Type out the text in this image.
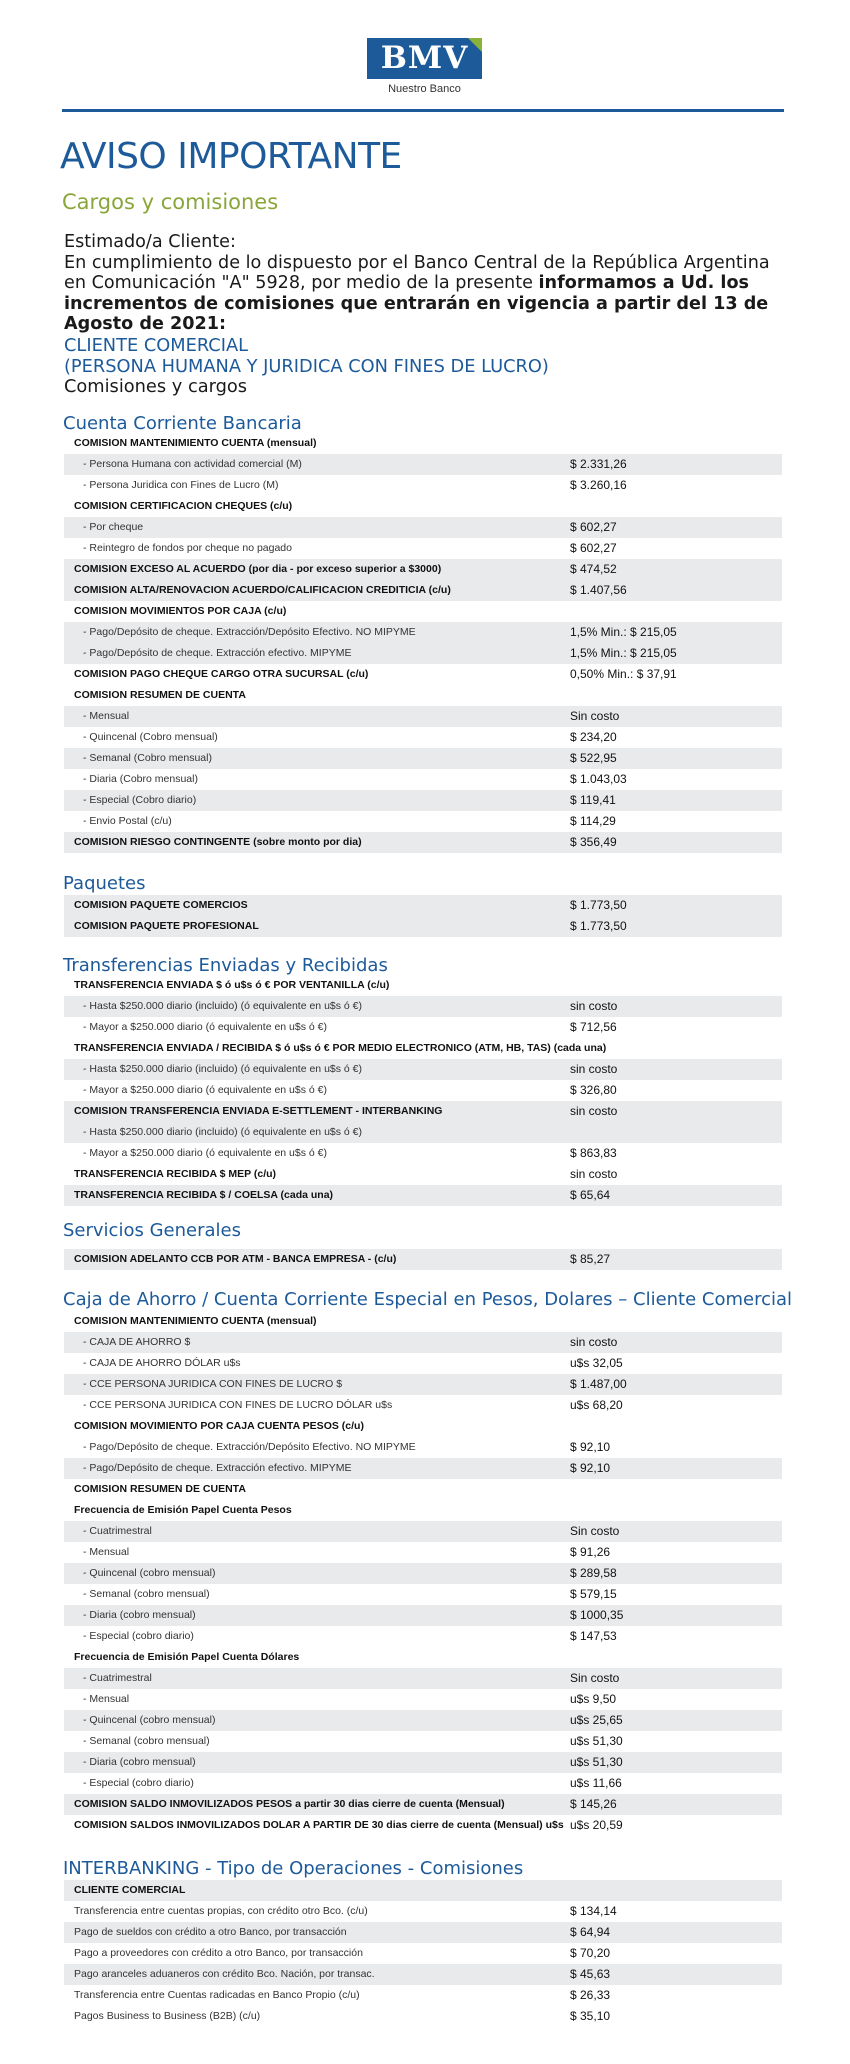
BMV
Nuestro Banco
AVISO IMPORTANTE
Cargos y comisiones
Estimado/a Cliente:
En cumplimiento de lo dispuesto por el Banco Central de la República Argentina en Comunicación "A" 5928, por medio de la presente informamos a Ud. los incrementos de comisiones que entrarán en vigencia a partir del 13 de Agosto de 2021:
CLIENTE COMERCIAL
(PERSONA HUMANA Y JURIDICA CON FINES DE LUCRO)
Comisiones y cargos
Cuenta Corriente Bancaria
COMISION MANTENIMIENTO CUENTA (mensual)
- Persona Humana con actividad comercial (M)	$ 2.331,26
- Persona Juridica con Fines de Lucro (M)	$ 3.260,16
COMISION CERTIFICACION CHEQUES (c/u)
- Por cheque	$ 602,27
- Reintegro de fondos por cheque no pagado	$ 602,27
COMISION EXCESO AL ACUERDO (por dia - por exceso superior a $3000)	$ 474,52
COMISION ALTA/RENOVACION ACUERDO/CALIFICACION CREDITICIA (c/u)	$ 1.407,56
COMISION MOVIMIENTOS POR CAJA (c/u)
- Pago/Depósito de cheque. Extracción/Depósito Efectivo. NO MIPYME	1,5% Min.: $ 215,05
- Pago/Depósito de cheque. Extracción efectivo. MIPYME	1,5% Min.: $ 215,05
COMISION PAGO CHEQUE CARGO OTRA SUCURSAL (c/u)	0,50% Min.: $ 37,91
COMISION RESUMEN DE CUENTA
- Mensual	Sin costo
- Quincenal (Cobro mensual)	$ 234,20
- Semanal (Cobro mensual)	$ 522,95
- Diaria (Cobro mensual)	$ 1.043,03
- Especial (Cobro diario)	$ 119,41
- Envio Postal (c/u)	$ 114,29
COMISION RIESGO CONTINGENTE (sobre monto por dia)	$ 356,49
Paquetes
COMISION PAQUETE COMERCIOS	$ 1.773,50
COMISION PAQUETE PROFESIONAL	$ 1.773,50
Transferencias Enviadas y Recibidas
TRANSFERENCIA ENVIADA $ ó u$s ó € POR VENTANILLA (c/u)
- Hasta $250.000 diario (incluido) (ó equivalente en u$s ó €)	sin costo
- Mayor a $250.000 diario (ó equivalente en u$s ó €)	$ 712,56
TRANSFERENCIA ENVIADA / RECIBIDA $ ó u$s ó € POR MEDIO ELECTRONICO (ATM, HB, TAS) (cada una)
- Hasta $250.000 diario (incluido) (ó equivalente en u$s ó €)	sin costo
- Mayor a $250.000 diario (ó equivalente en u$s ó €)	$ 326,80
COMISION TRANSFERENCIA ENVIADA E-SETTLEMENT - INTERBANKING	sin costo
- Hasta $250.000 diario (incluido) (ó equivalente en u$s ó €)
- Mayor a $250.000 diario (ó equivalente en u$s ó €)	$ 863,83
TRANSFERENCIA RECIBIDA $ MEP (c/u)	sin costo
TRANSFERENCIA RECIBIDA $ / COELSA (cada una)	$ 65,64
Servicios Generales
COMISION ADELANTO CCB POR ATM - BANCA EMPRESA - (c/u)	$ 85,27
Caja de Ahorro / Cuenta Corriente Especial en Pesos, Dolares – Cliente Comercial
COMISION MANTENIMIENTO CUENTA (mensual)
- CAJA DE AHORRO $	sin costo
- CAJA DE AHORRO DÓLAR u$s	u$s 32,05
- CCE PERSONA JURIDICA CON FINES DE LUCRO $	$ 1.487,00
- CCE PERSONA JURIDICA CON FINES DE LUCRO DÓLAR u$s	u$s 68,20
COMISION MOVIMIENTO POR CAJA CUENTA PESOS (c/u)
- Pago/Depósito de cheque. Extracción/Depósito Efectivo. NO MIPYME	$ 92,10
- Pago/Depósito de cheque. Extracción efectivo. MIPYME	$ 92,10
COMISION RESUMEN DE CUENTA
Frecuencia de Emisión Papel Cuenta Pesos
- Cuatrimestral	Sin costo
- Mensual	$ 91,26
- Quincenal (cobro mensual)	$ 289,58
- Semanal (cobro mensual)	$ 579,15
- Diaria (cobro mensual)	$ 1000,35
- Especial (cobro diario)	$ 147,53
Frecuencia de Emisión Papel Cuenta Dólares
- Cuatrimestral	Sin costo
- Mensual	u$s 9,50
- Quincenal (cobro mensual)	u$s 25,65
- Semanal (cobro mensual)	u$s 51,30
- Diaria (cobro mensual)	u$s 51,30
- Especial (cobro diario)	u$s 11,66
COMISION SALDO INMOVILIZADOS PESOS a partir 30 dias cierre de cuenta (Mensual)	$ 145,26
COMISION SALDOS INMOVILIZADOS DOLAR A PARTIR DE 30 dias cierre de cuenta (Mensual) u$s u$s 20,59
INTERBANKING - Tipo de Operaciones - Comisiones
CLIENTE COMERCIAL
Transferencia entre cuentas propias, con crédito otro Bco. (c/u)	$ 134,14
Pago de sueldos con crédito a otro Banco, por transacción	$ 64,94
Pago a proveedores con crédito a otro Banco, por transacción	$ 70,20
Pago aranceles aduaneros con crédito Bco. Nación, por transac.	$ 45,63
Transferencia entre Cuentas radicadas en Banco Propio (c/u)	$ 26,33
Pagos Business to Business (B2B) (c/u)	$ 35,10
